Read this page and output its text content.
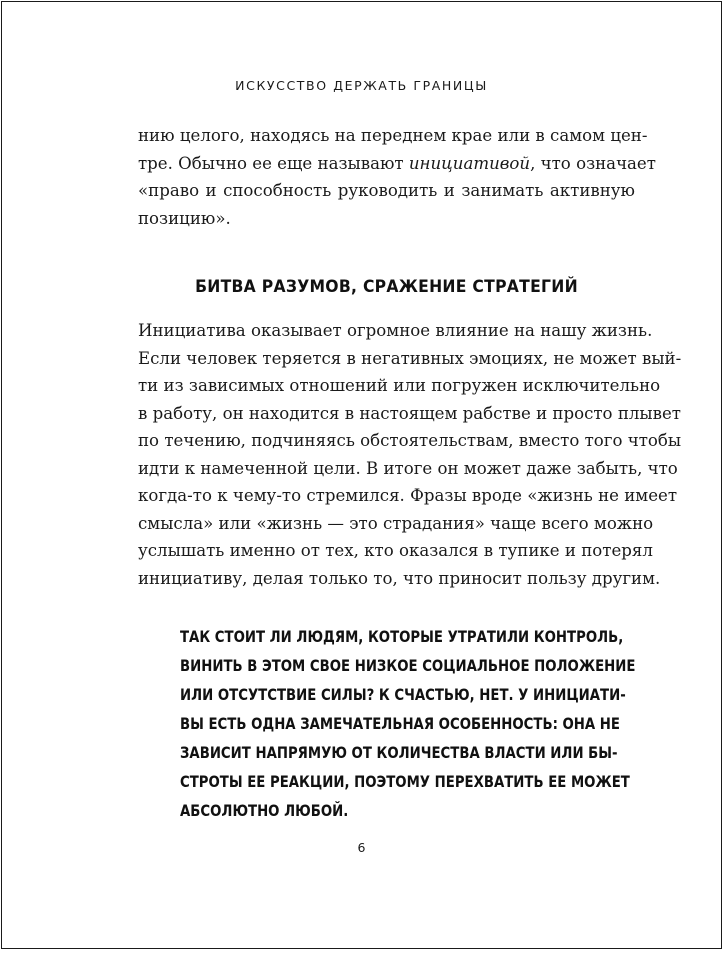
ИСКУССТВО ДЕРЖАТЬ ГРАНИЦЫ
нию целого, находясь на переднем крае или в самом цен-
тре. Обычно ее еще называют инициативой, что означает
«право и способность руководить и занимать активную
позицию».
БИТВА РАЗУМОВ, СРАЖЕНИЕ СТРАТЕГИЙ
Инициатива оказывает огромное влияние на нашу жизнь.
Если человек теряется в негативных эмоциях, не может вый-
ти из зависимых отношений или погружен исключительно
в работу, он находится в настоящем рабстве и просто плывет
по течению, подчиняясь обстоятельствам, вместо того чтобы
идти к намеченной цели. В итоге он может даже забыть, что
когда-то к чему-то стремился. Фразы вроде «жизнь не имеет
смысла» или «жизнь — это страдания» чаще всего можно
услышать именно от тех, кто оказался в тупике и потерял
инициативу, делая только то, что приносит пользу другим.
ТАК СТОИТ ЛИ ЛЮДЯМ, КОТОРЫЕ УТРАТИЛИ КОНТРОЛЬ,
ВИНИТЬ В ЭТОМ СВОЕ НИЗКОЕ СОЦИАЛЬНОЕ ПОЛОЖЕНИЕ
ИЛИ ОТСУТСТВИЕ СИЛЫ? К СЧАСТЬЮ, НЕТ. У ИНИЦИАТИ-
ВЫ ЕСТЬ ОДНА ЗАМЕЧАТЕЛЬНАЯ ОСОБЕННОСТЬ: ОНА НЕ
ЗАВИСИТ НАПРЯМУЮ ОТ КОЛИЧЕСТВА ВЛАСТИ ИЛИ БЫ-
СТРОТЫ ЕЕ РЕАКЦИИ, ПОЭТОМУ ПЕРЕХВАТИТЬ ЕЕ МОЖЕТ
АБСОЛЮТНО ЛЮБОЙ.
6
